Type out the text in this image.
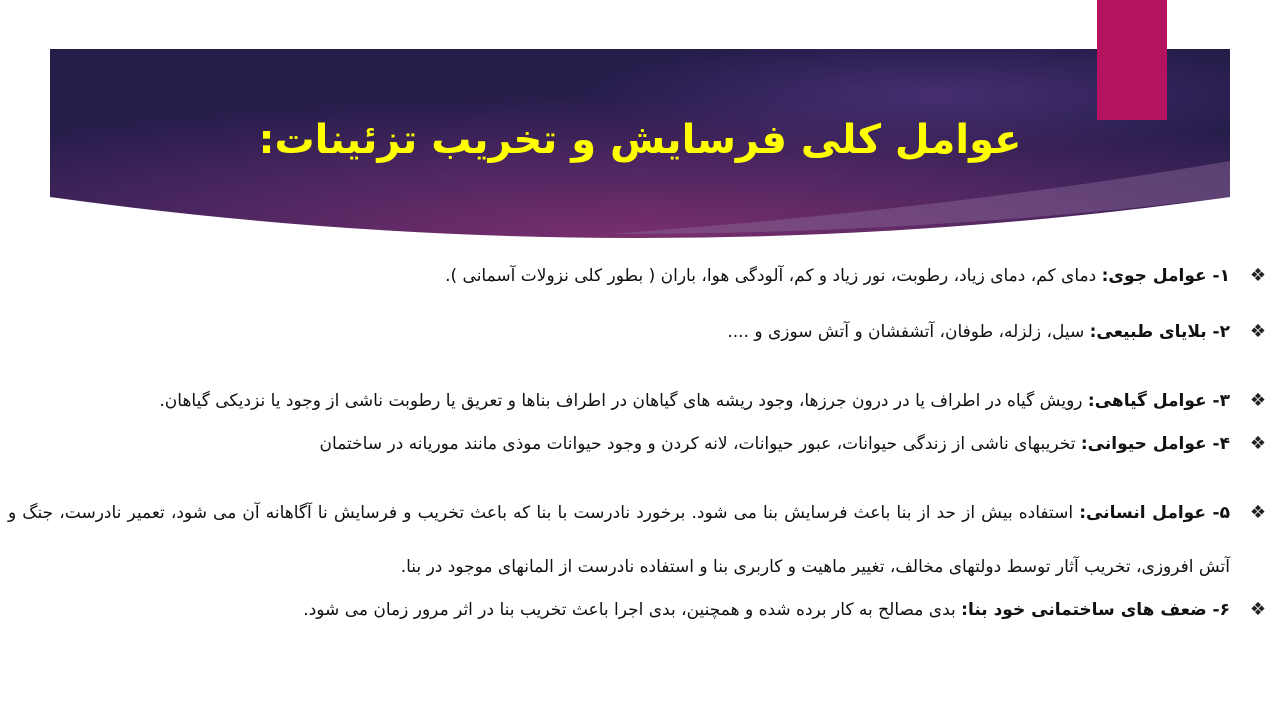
عوامل کلی فرسایش و تخریب تزئینات:
❖
۱- عوامل جوی: دمای کم، دمای زیاد، رطوبت، نور زیاد و کم، آلودگی هوا، باران ( بطور کلی نزولات آسمانی ).
❖
۲- بلایای طبیعی: سیل، زلزله، طوفان، آتشفشان و آتش سوزی و ....
❖
۳- عوامل گیاهی: رویش گیاه در اطراف یا در درون جرزها، وجود ریشه های گیاهان در اطراف بناها و تعریق یا رطوبت ناشی از وجود یا نزدیکی گیاهان.
❖
۴- عوامل حیوانی: تخریبهای ناشی از زندگی حیوانات، عبور حیوانات، لانه کردن و وجود حیوانات موذی مانند موریانه در ساختمان
❖
۵- عوامل انسانی: استفاده بیش از حد از بنا باعث فرسایش بنا می شود. برخورد نادرست با بنا که باعث تخریب و فرسایش نا آگاهانه آن می شود، تعمیر نادرست، جنگ و آتش افروزی، تخریب آثار توسط دولتهای مخالف، تغییر ماهیت و کاربری بنا و استفاده نادرست از المانهای موجود در بنا.
❖
۶- ضعف های ساختمانی خود بنا: بدی مصالح به کار برده شده و همچنین، بدی اجرا باعث تخریب بنا در اثر مرور زمان می شود.
